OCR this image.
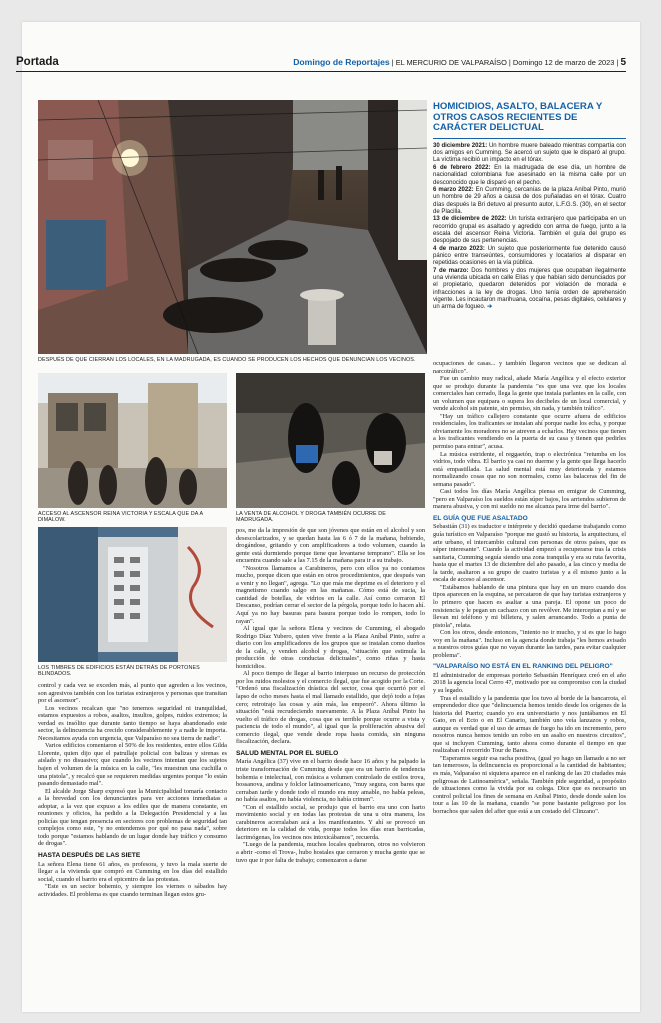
Portada	Domingo de Reportajes | EL MERCURIO DE VALPARAÍSO | Domingo 12 de marzo de 2023 | 5
DESPUÉS DE QUE CIERRAN LOS LOCALES, EN LA MADRUGADA, ES CUANDO SE PRODUCEN LOS HECHOS QUE DENUNCIAN LOS VECINOS.
ACCESO AL ASCENSOR REINA VICTORIA Y ESCALA QUE DA A DIMALOW.
LA VENTA DE ALCOHOL Y DROGA TAMBIÉN OCURRE DE MADRUGADA.
LOS TIMBRES DE EDIFICIOS ESTÁN DETRÁS DE PORTONES BLINDADOS.
HOMICIDIOS, ASALTO, BALACERA Y OTROS CASOS RECIENTES DE CARÁCTER DELICTUAL

30 diciembre 2021: Un hombre muere baleado mientras compartía con dos amigos en Cumming. Se acercó un sujeto que le disparó al grupo. La víctima recibió un impacto en el tórax.

6 de febrero 2022: En la madrugada de ese día, un hombre de nacionalidad colombiana fue asesinado en la misma calle por un desconocido que le disparó en el pecho.

6 marzo 2022: En Cumming, cercanías de la plaza Aníbal Pinto, murió un hombre de 29 años a causa de dos puñaladas en el tórax. Cuatro días después la Bri detuvo al presunto autor, L.F.G.S. (30), en el sector de Placilla.

13 de diciembre de 2022: Un turista extranjero que participaba en un recorrido grupal es asaltado y agredido con arma de fuego, junto a la escala del ascensor Reina Victoria. También el guía del grupo es despojado de sus pertenencias.

4 de marzo 2023: Un sujeto que posteriormente fue detenido causó pánico entre transeúntes, consumidores y locatarios al disparar en repetidas ocasiones en la vía pública.

7 de marzo: Dos hombres y dos mujeres que ocupaban ilegalmente una vivienda ubicada en calle Elías y que habían sido denunciados por el propietario, quedaron detenidos por violación de morada e infracciones a la ley de drogas. Uno tenía orden de aprehensión vigente. Les incautaron marihuana, cocaína, pesas digitales, celulares y un arma de fogueo. ➔

control y cada vez se exceden más, al punto que agreden a los vecinos, son agresivos también con los turistas extranjeros y personas que transitan por el ascensor".

Los vecinos recalcan que "no tenemos seguridad ni tranquilidad, estamos expuestos a robos, asaltos, insultos, golpes, ruidos extremos; la verdad es insólito que durante tanto tiempo se haya abandonado este sector, la delincuencia ha crecido considerablemente y a nadie le importa. Necesitamos ayuda con urgencia, que Valparaíso no sea tierra de nadie".

Varios edificios comentaron el 50% de los residentes, entre ellos Gilda Llorente, quien dijo que el patrullaje policial con balizas y sirenas es aislado y no disuasivo; que cuando los vecinos intentan que los sujetos bajen el volumen de la música en la calle, "les muestran una cuchilla o una pistola", y recalcó que se requieren medidas urgentes porque "lo están pasando demasiado mal".

El alcalde Jorge Sharp expresó que la Municipalidad tomaría contacto a la brevedad con los denunciantes para ver acciones inmediatas a adoptar, a la vez que expuso a los ediles que de manera constante, en reuniones y oficios, ha pedido a la Delegación Presidencial y a las policías que tengan presencia en sectores con problemas de seguridad tan complejos como este, "y no entendemos por qué no pasa nada", sobre todo porque "estamos hablando de un lugar donde hay tráfico y consumo de drogas".

HASTA DESPUÉS DE LAS SIETE

La señora Elena tiene 61 años, es profesora, y tuvo la mala suerte de llegar a la vivienda que compró en Cumming en los días del estallido social, cuando el barrio era el epicentro de las protestas.

"Este es un sector bohemio, y siempre los viernes o sábados hay actividades. El problema es que cuando terminan llegan estos gru-

pos, me da la impresión de que son jóvenes que están en el alcohol y son desescolarizados, y se quedan hasta las 6 ó 7 de la mañana, bebiendo, drogándose, gritando y con amplificadores a todo volumen, cuando la gente está durmiendo porque tiene que levantarse temprano". Ella se los encuentra cuando sale a las 7.15 de la mañana para ir a su trabajo.

"Nosotros llamamos a Carabineros, pero con ellos ya no contamos mucho, porque dicen que están en otros procedimientos, que después van a venir y no llegan", agrega. "Lo que más me deprime es el deterioro y el magnetismo cuando salgo en las mañanas. Cómo está de sucia, la cantidad de botellas, de vidrios en la calle. Así como cerraron El Descanso, podrían cerrar el sector de la pérgola, porque todo lo hacen ahí. Aquí ya no hay basuras para basura porque todo lo rompen, todo lo rayan".

Al igual que la señora Elena y vecinos de Cumming, el abogado Rodrigo Díaz Yubero, quien vive frente a la Plaza Aníbal Pinto, sufre a diario con los amplificadores de los grupos que se instalan como dueños de la calle, y venden alcohol y drogas, "situación que estimula la producción de otras conductas delictuales", como riñas y hasta homicidios.

Al poco tiempo de llegar al barrio interpuso un recurso de protección por los ruidos molestos y el comercio ilegal, que fue acogido por la Corte. "Ordenó una fiscalización drástica del sector, cosa que ocurrió por el lapso de ocho meses hasta el mal llamado estallido, que dejó todo a fojas cero; retrotrajo las cosas y aún más, las empeoró". Ahora último la situación "está recrudeciendo nuevamente. A la Plaza Aníbal Pinto ha vuelto el tráfico de drogas, cosa que es terrible porque ocurre a vista y paciencia de todo el mundo", al igual que la proliferación abusiva del comercio ilegal, que vende desde ropa hasta comida, sin ninguna fiscalización, declara.

SALUD MENTAL POR EL SUELO

María Angélica (37) vive en el barrio desde hace 16 años y ha palpado la triste transformación de Cumming desde que era un barrio de tendencia bohemia e intelectual, con música a volumen controlado de estilos trova, bossanova, andina y folclor latinoamericano, "muy segura, con bares que cerraban tarde y donde todo el mundo era muy amable, no había peleas, no había asaltos, no había violencia, no había crimen".

"Con el estallido social, se produjo que el barrio era uno con harto movimiento social y en todas las protestas de una u otra manera, los carabineros acorralaban acá a los manifestantes. Y ahí se provocó un deterioro en la calidad de vida, porque todos los días eran barricadas, lacrimógenas, los vecinos nos intoxicábamos", recuerda.

"Luego de la pandemia, muchos locales quebraron, otros no volvieron a abrir -como el Trova-, hubo hostales que cerraron y mucha gente que se tuvo que ir por falta de trabajo; comenzaron a darse

ocupaciones de casas... y también llegaron vecinos que se dedican al narcotráfico".

Fue un cambio muy radical, añade María Angélica y el efecto exterior que se produjo durante la pandemia "es que una vez que los locales comerciales han cerrado, llega la gente que instala parlantes en la calle, con un volumen que equipara o supera los decibeles de un local comercial, y vende alcohol sin patente, sin permiso, sin nada, y también tráfico".

"Hay un tráfico callejero constante que ocurre afuera de edificios residenciales, los traficantes se instalan ahí porque nadie los echa, y porque obviamente los moradores no se atreven a echarlos. Hay vecinos que tienen a los traficantes vendiendo en la puerta de su casa y tienen que pedirles permiso para entrar", acusa.

La música estridente, el reggaetón, trap o electrónica "retumba en los vidrios, todo vibra. El barrio ya casi no duerme y la gente que llega hacerlo está empastillada. La salud mental está muy deteriorada y estamos normalizando cosas que no son normales, como las balaceras del fin de semana pasado".

Casi todos los días María Angélica piensa en emigrar de Cumming, "pero en Valparaíso los sueldos están súper bajos, los arriendos subieron de manera abusiva, y con mi sueldo no me alcanza para irme del barrio".

EL GUÍA QUE FUE ASALTADO

Sebastián (31) es traductor e intérprete y decidió quedarse trabajando como guía turístico en Valparaíso "porque me gustó su historia, la arquitectura, el arte urbano, el intercambio cultural con personas de otros países, que es súper interesante". Cuando la actividad empezó a recuperarse tras la crisis sanitaria, Cumming seguía siendo una zona tranquila y era su ruta favorita, hasta que el martes 13 de diciembre del año pasado, a las cinco y media de la tarde, asaltaron a su grupo de cuatro turistas y a él mismo junto a la escala de acceso al ascensor.

"Estábamos hablando de una pintura que hay en un muro cuando dos tipos aparecen en la esquina, se percataron de que hay turistas extranjeros y lo primero que hacen es asaltar a una pareja. El opone un poco de resistencia y le pegan un cachazo con un revólver. Me interceptan a mí y se llevan mi teléfono y mi billetera, y salen arrancando. Todo a punta de pistola", relata.

Con los otros, desde entonces, "intento no ir mucho, y si es que lo hago voy en la mañana". Incluso en la agencia donde trabaja "les hemos avisado a nuestros otros guías que no vayan durante las tardes, para evitar cualquier problema".

"VALPARAÍSO NO ESTÁ EN EL RANKING DEL PELIGRO"

El administrador de empresas porteño Sebastián Henríquez creó en el año 2018 la agencia local Cerro 47, motivado por su compromiso con la ciudad y su legado.

Tras el estallido y la pandemia que los tuvo al borde de la bancarrota, el emprendedor dice que "delincuencia hemos tenido desde los orígenes de la historia del Puerto; cuando yo era universitario y nos juntábamos en El Gato, en el Ecto o en El Canario, también uno veía lanzazos y robos, aunque es verdad que el uso de armas de fuego ha ido en incremento, pero nosotros nunca hemos tenido un robo en un asalto en nuestros circuitos", que si incluyen Cumming, tanto ahora como durante el tiempo en que realizaban el recorrido Tour de Bares.

"Esperamos seguir esa racha positiva, (gual yo hago un llamado a no ser tan temerosos, la delincuencia es proporcional a la cantidad de habitantes; es más, Valparaíso ni siquiera aparece en el ranking de las 20 ciudades más peligrosas de Latinoamérica", señala. También pide seguridad, a propósito de situaciones como la vivida por su colega. Dice que es necesario un control policial los fines de semana en Aníbal Pinto, desde donde salen los tour a las 10 de la mañana, cuando "se pone bastante peligroso por los borrachos que salen del after que está a un costado del Clinzano".
